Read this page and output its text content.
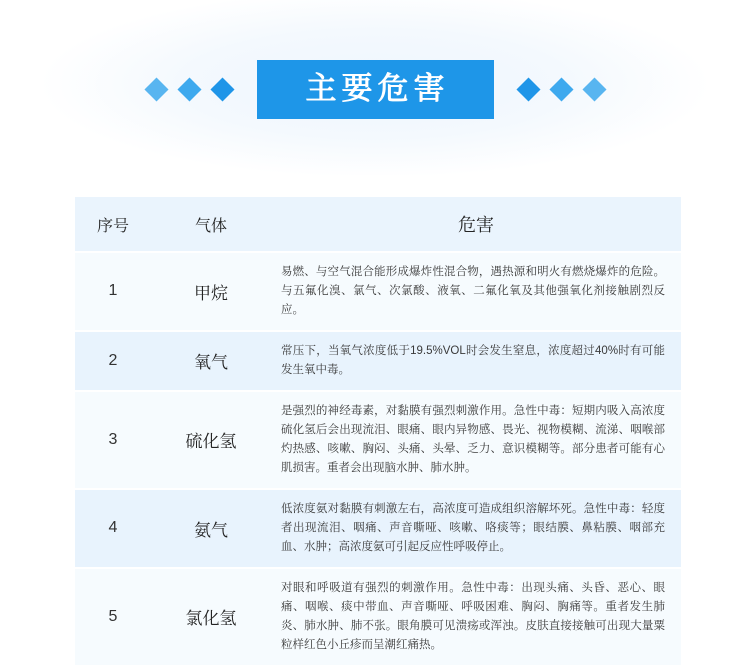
主要危害
序号	气体	危害
1	甲烷	易燃、与空气混合能形成爆炸性混合物，遇热源和明火有燃烧爆炸的危险。与五氟化溴、氯气、次氯酸、液氧、二氟化氧及其他强氧化剂接触剧烈反应。
2	氧气	常压下，当氧气浓度低于19.5%VOL时会发生窒息，浓度超过40%时有可能发生氧中毒。
3	硫化氢	是强烈的神经毒素，对黏膜有强烈刺激作用。急性中毒：短期内吸入高浓度硫化氢后会出现流泪、眼痛、眼内异物感、畏光、视物模糊、流涕、咽喉部灼热感、咳嗽、胸闷、头痛、头晕、乏力、意识模糊等。部分患者可能有心肌损害。重者会出现脑水肿、肺水肿。
4	氨气	低浓度氨对黏膜有刺激左右，高浓度可造成组织溶解坏死。急性中毒：轻度者出现流泪、咽痛、声音嘶哑、咳嗽、咯痰等；眼结膜、鼻粘膜、咽部充血、水肿；高浓度氨可引起反应性呼吸停止。
5	氯化氢	对眼和呼吸道有强烈的刺激作用。急性中毒：出现头痛、头昏、恶心、眼痛、咽喉、痰中带血、声音嘶哑、呼吸困难、胸闷、胸痛等。重者发生肺炎、肺水肿、肺不张。眼角膜可见溃疡或浑浊。皮肤直接接触可出现大量粟粒样红色小丘疹而呈潮红痛热。
